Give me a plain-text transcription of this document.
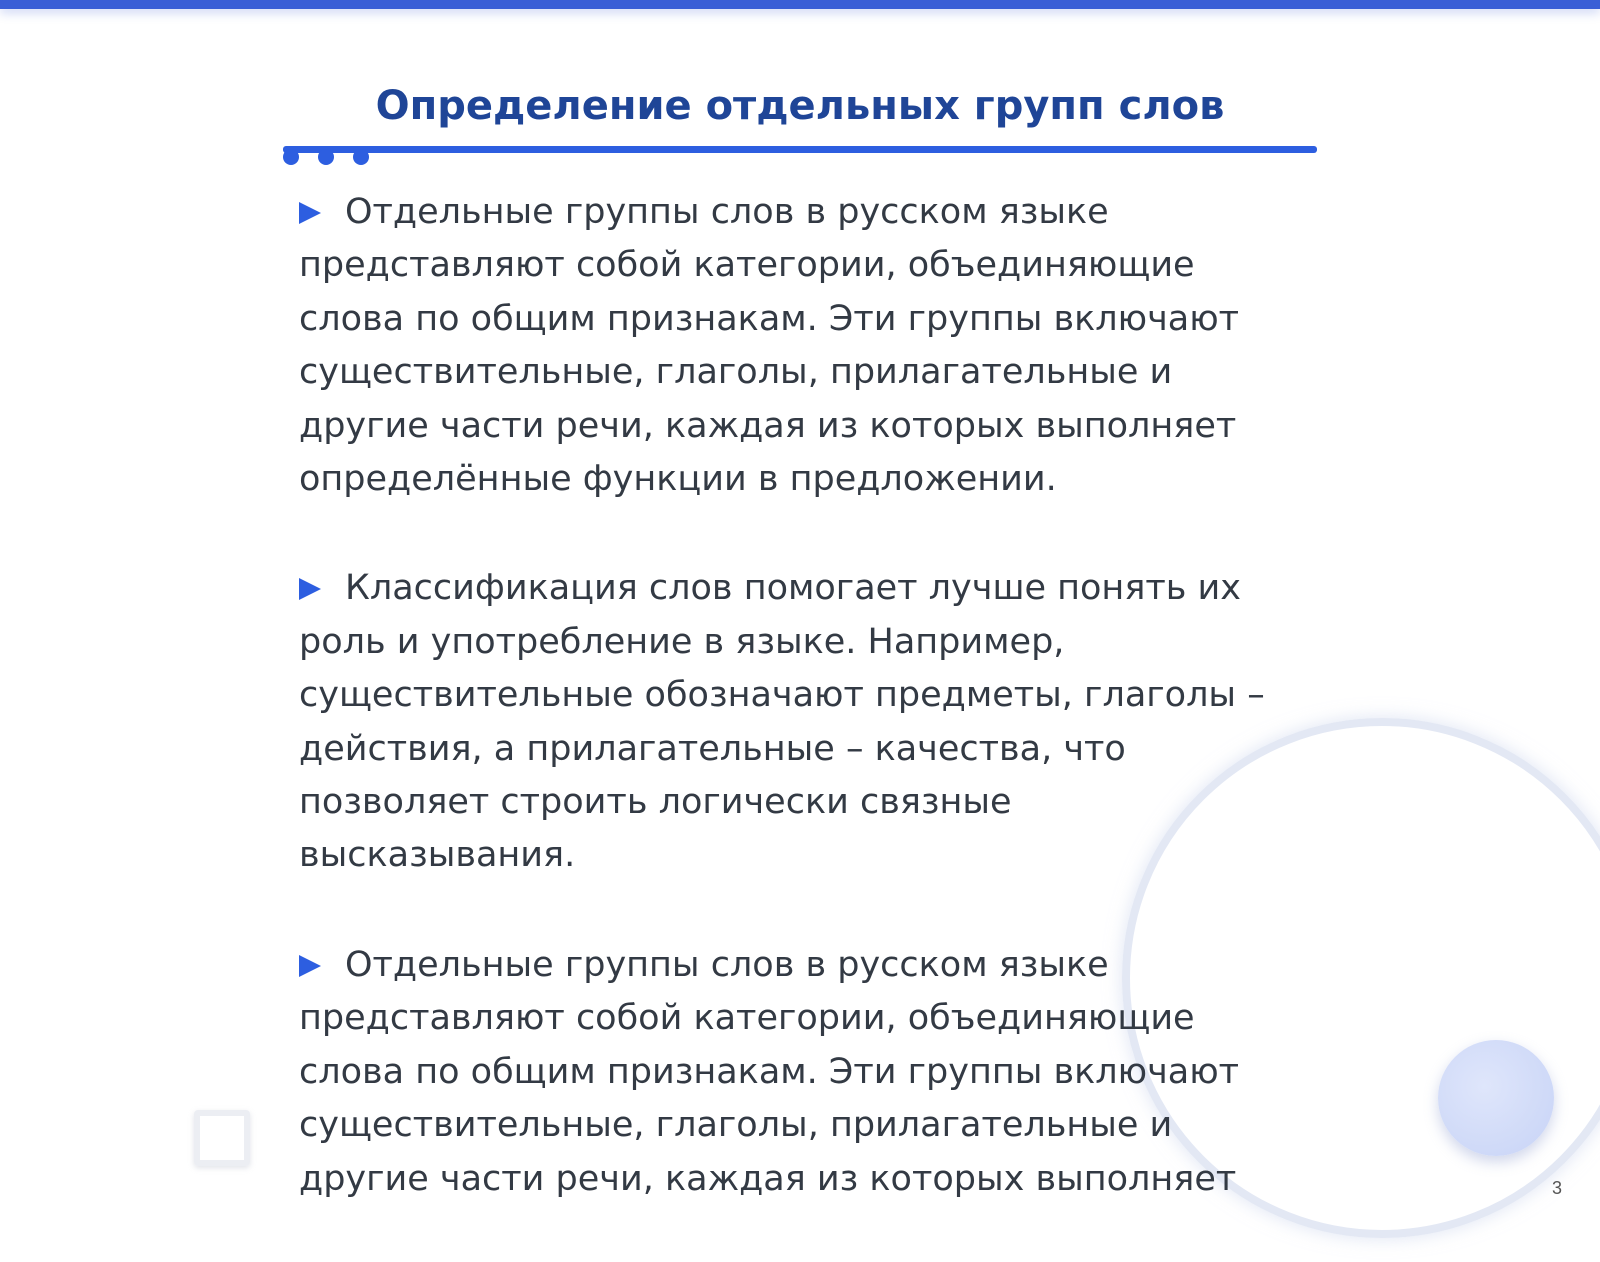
Определение отдельных групп слов

Отдельные группы слов в русском языке представляют собой категории, объединяющие слова по общим признакам. Эти группы включают существительные, глаголы, прилагательные и другие части речи, каждая из которых выполняет определённые функции в предложении.

Классификация слов помогает лучше понять их роль и употребление в языке. Например, существительные обозначают предметы, глаголы – действия, а прилагательные – качества, что позволяет строить логически связные высказывания.

Отдельные группы слов в русском языке представляют собой категории, объединяющие слова по общим признакам. Эти группы включают существительные, глаголы, прилагательные и другие части речи, каждая из которых выполняет	3
